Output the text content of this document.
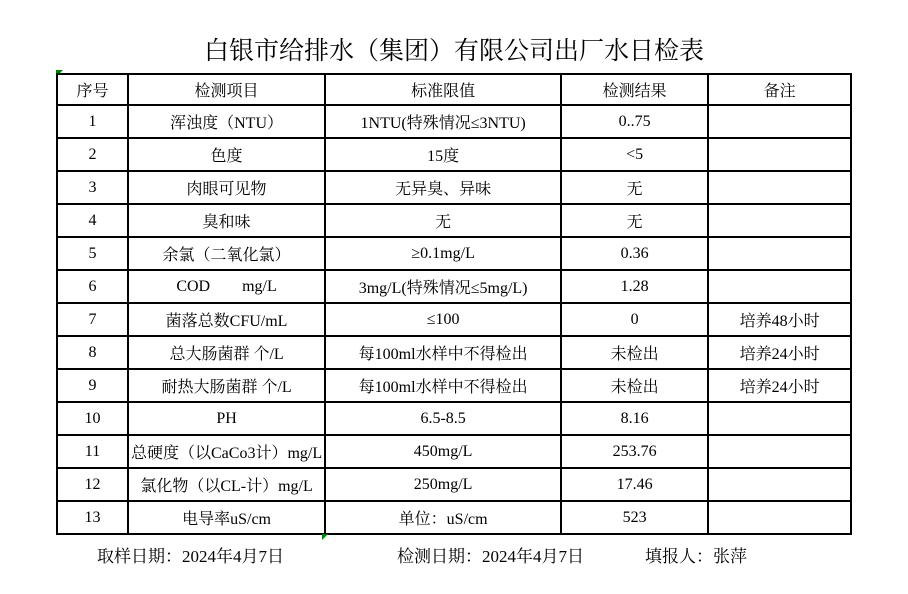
白银市给排水（集团）有限公司出厂水日检表
序号	检测项目	标准限值	检测结果	备注
1	浑浊度（NTU）	1NTU(特殊情况≤3NTU)	0..75	
2	色度	15度	<5	
3	肉眼可见物	无异臭、异味	无	
4	臭和味	无	无	
5	余氯（二氧化氯）	≥0.1mg/L	0.36	
6	COD        mg/L	3mg/L(特殊情况≤5mg/L)	1.28	
7	菌落总数CFU/mL	≤100	0	培养48小时
8	总大肠菌群 个/L	每100ml水样中不得检出	未检出	培养24小时
9	耐热大肠菌群 个/L	每100ml水样中不得检出	未检出	培养24小时
10	PH	6.5-8.5	8.16	
11	总硬度（以CaCo3计）mg/L	450mg/L	253.76	
12	氯化物（以CL-计）mg/L	250mg/L	17.46	
13	电导率uS/cm	单位：uS/cm	523	
取样日期：2024年4月7日	检测日期：2024年4月7日	填报人：张萍
